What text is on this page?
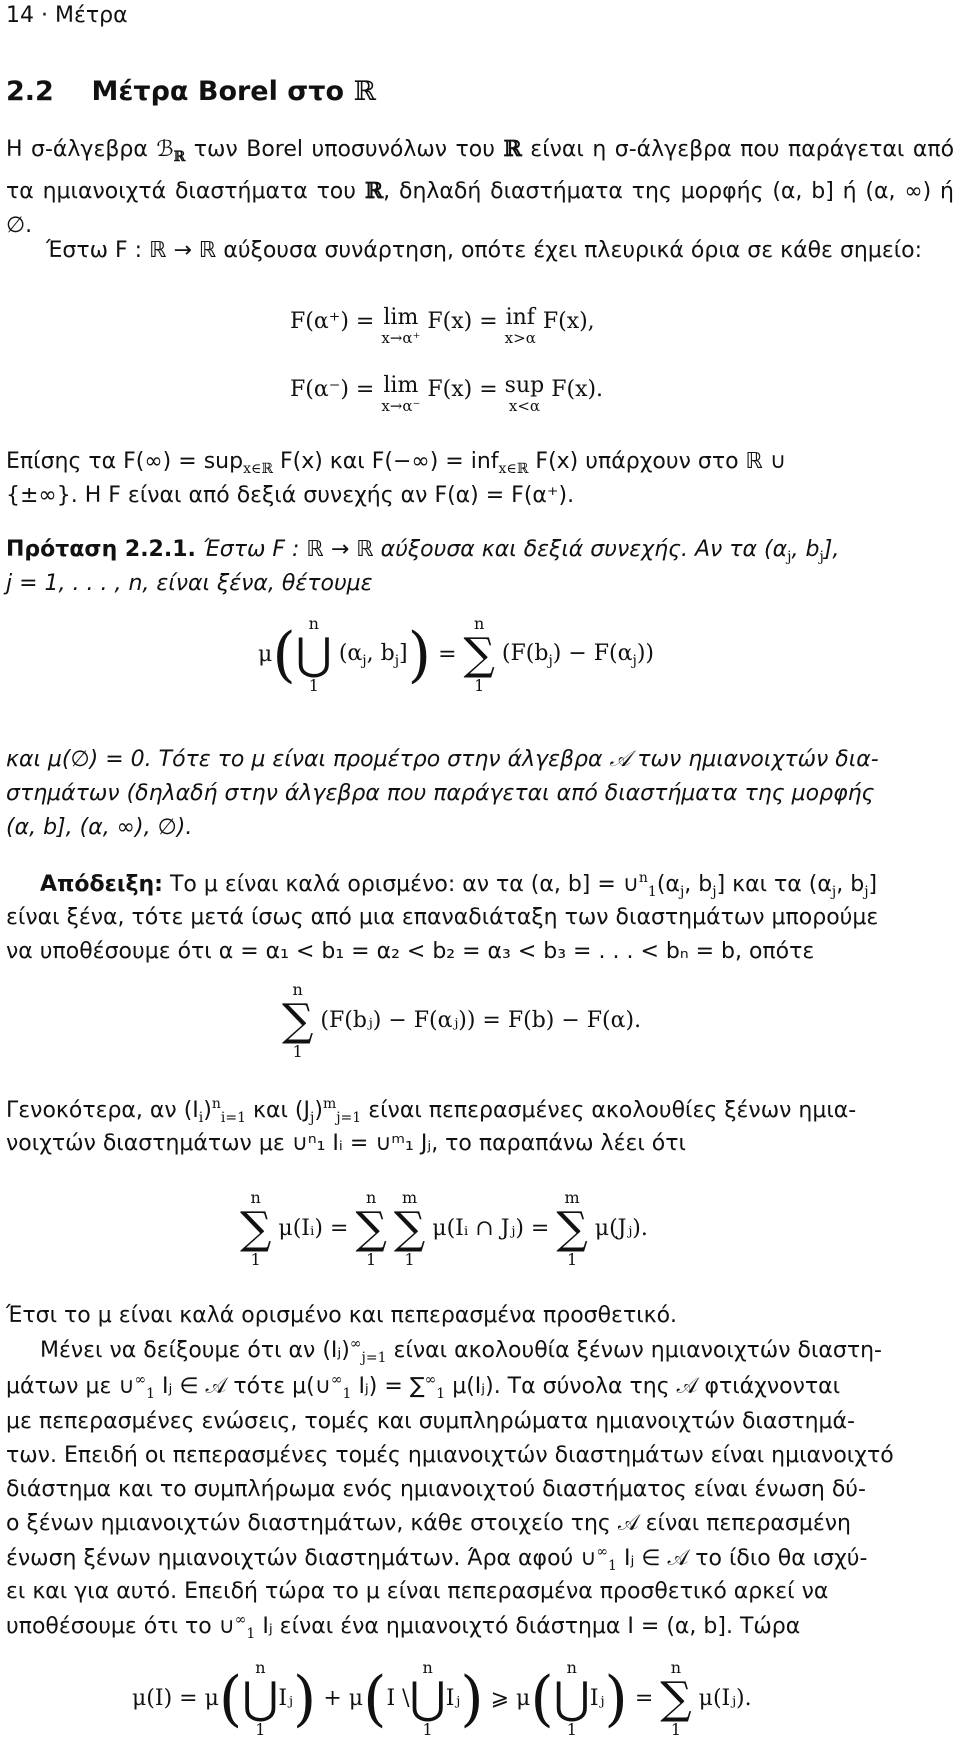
14 · Μέτρα
2.2 Μέτρα Borel στο ℝ

Η σ-άλγεβρα ℬ$_ℝ$ των Borel υποσυνόλων του ℝ είναι η σ-άλγεβρα που παράγεται από τα ημιανοιχτά διαστήματα του ℝ, δηλαδή διαστήματα της μορφής (α, b] ή (α, ∞) ή ∅.

Έστω F : ℝ → ℝ αύξουσα συνάρτηση, οπότε έχει πλευρικά όρια σε κάθε σημείο:

F(α⁺) = lim
x→α⁺
F(x) = inf
x>α
F(x),
F(α⁻) = lim
x→α⁻
F(x) = sup
x<α
F(x).
Επίσης τα F(∞) = sup$_{x\in ℝ}$ F(x) και F(−∞) = inf$_{x\in ℝ}$ F(x) υπάρχουν στο ℝ ∪
{±∞}. Η F είναι από δεξιά συνεχής αν F(α) = F(α⁺).
Πρόταση 2.2.1. Έστω F : ℝ → ℝ αύξουσα και δεξιά συνεχής. Αν τα ($\alpha_j$, $b_j$],
j = 1, . . . , n, είναι ξένα, θέτουμε
μ( n
⋃
1
($\alpha_j$, $b_j$]) =
n
∑
1
$(F(b_j) - F(\alpha_j))$
και μ(∅) = 0. Τότε το μ είναι προμέτρο στην άλγεβρα 𝒜 των ημιανοιχτών δια-
στημάτων (δηλαδή στην άλγεβρα που παράγεται από διαστήματα της μορφής
(α, b], (α, ∞), ∅).
Απόδειξη: Το μ είναι καλά ορισμένο: αν τα (α, $b] = \cup^n_1(\alpha_j$, $b_j$] και τα ($\alpha_j$, $b_j$]
είναι ξένα, τότε μετά ίσως από μια επαναδιάταξη των διαστημάτων μπορούμε
να υποθέσουμε ότι α = α₁ < b₁ = α₂ < b₂ = α₃ < b₃ = . . . < bₙ = b, οπότε
n
∑
1
(F(bⱼ) − F(αⱼ)) = F(b) − F(α).
Γενοκότερα, αν $(I_i)^n_{i=1}$ και $(J_j)^m_{j=1}$ είναι πεπερασμένες ακολουθίες ξένων ημια-
νοιχτών διαστημάτων με ∪ⁿ₁ Iᵢ = ∪ᵐ₁ Jⱼ, το παραπάνω λέει ότι
n
∑
1
μ(Iᵢ) =
n
∑
1

m
∑
1
μ(Iᵢ ∩ Jⱼ) =
m
∑
1
μ(Jⱼ).
Έτσι το μ είναι καλά ορισμένο και πεπερασμένα προσθετικό.
Μένει να δείξουμε ότι αν $(Iⱼ)^\infty_{j=1}$ είναι ακολουθία ξένων ημιανοιχτών διαστη-
μάτων με $\cup^\infty_1$ Iⱼ ∈ 𝒜 τότε $\mu(\cup^\infty_1$ Iⱼ) = $\sum^\infty_1$ μ(Iⱼ). Τα σύνολα της 𝒜 φτιάχνονται
με πεπερασμένες ενώσεις, τομές και συμπληρώματα ημιανοιχτών διαστημά-
των. Επειδή οι πεπερασμένες τομές ημιανοιχτών διαστημάτων είναι ημιανοιχτό
διάστημα και το συμπλήρωμα ενός ημιανοιχτού διαστήματος είναι ένωση δύ-
ο ξένων ημιανοιχτών διαστημάτων, κάθε στοιχείο της 𝒜 είναι πεπερασμένη
ένωση ξένων ημιανοιχτών διαστημάτων. Άρα αφού $\cup^\infty_1$ Iⱼ ∈ 𝒜 το ίδιο θα ισχύ-
ει και για αυτό. Επειδή τώρα το μ είναι πεπερασμένα προσθετικό αρκεί να
υποθέσουμε ότι το $\cup^\infty_1$ Iⱼ είναι ένα ημιανοιχτό διάστημα I = (α, b]. Τώρα
μ(I) = μ( n
⋃
1
Iⱼ) + μ(I \
n
⋃
1
Iⱼ) ⩾ μ( n
⋃
1
Iⱼ) =
n
∑
1
μ(Iⱼ).
